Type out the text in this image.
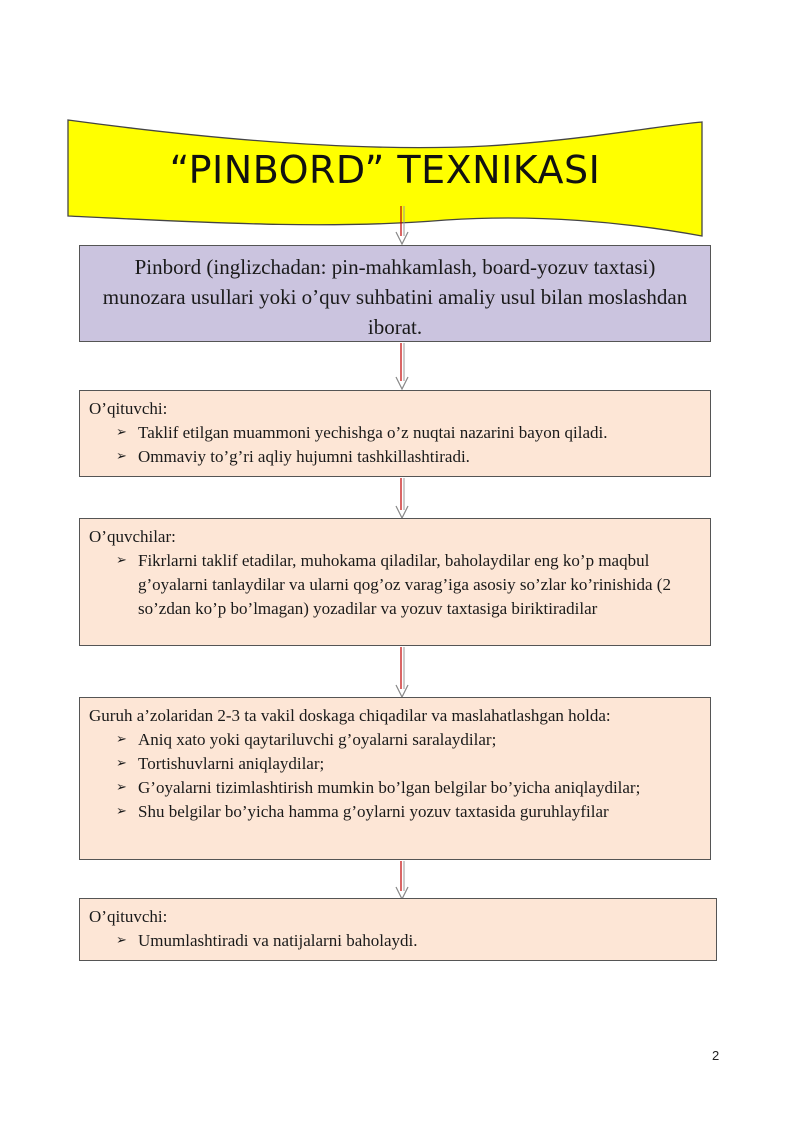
“PINBORD” TEXNIKASI
Pinbord (inglizchadan: pin-mahkamlash, board-yozuv taxtasi) munozara usullari yoki o’quv suhbatini amaliy usul bilan moslashdan iborat.
O’qituvchi:
➢ Taklif etilgan muammoni yechishga o’z nuqtai nazarini bayon qiladi.
➢ Ommaviy to’g’ri aqliy hujumni tashkillashtiradi.
O’quvchilar:
➢ Fikrlarni taklif etadilar, muhokama qiladilar, baholaydilar eng ko’p maqbul g’oyalarni tanlaydilar va ularni qog’oz varag’iga asosiy so’zlar ko’rinishida (2 so’zdan ko’p bo’lmagan) yozadilar va yozuv taxtasiga biriktiradilar
Guruh a’zolaridan 2-3 ta vakil doskaga chiqadilar va maslahatlashgan holda:
➢ Aniq xato yoki qaytariluvchi g’oyalarni saralaydilar;
➢ Tortishuvlarni aniqlaydilar;
➢ G’oyalarni tizimlashtirish mumkin bo’lgan belgilar bo’yicha aniqlaydilar;
➢ Shu belgilar bo’yicha hamma g’oylarni yozuv taxtasida guruhlayfilar
O’qituvchi:
➢ Umumlashtiradi va natijalarni baholaydi.
2
